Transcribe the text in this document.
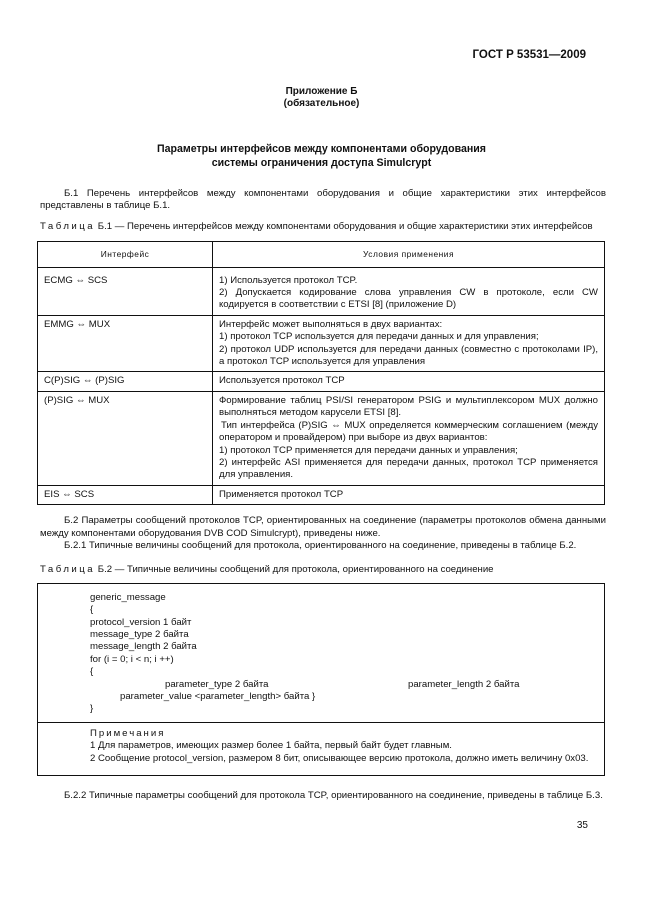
ГОСТ Р 53531—2009
Приложение Б
(обязательное)
Параметры интерфейсов между компонентами оборудования
системы ограничения доступа Simulcrypt
Б.1 Перечень интерфейсов между компонентами оборудования и общие характеристики этих интерфейсов представлены в таблице Б.1.
Таблица Б.1 — Перечень интерфейсов между компонентами оборудования и общие характеристики этих интерфейсов
Интерфейс	Условия применения
ECMG ⇔ SCS	1) Используется протокол TCP.
2) Допускается кодирование слова управления CW в протоколе, если CW кодируется в соответствии с ETSI [8] (приложение D)

EMMG ⇔ MUX	Интерфейс может выполняться в двух вариантах:
1) протокол TCP используется для передачи данных и для управления;
2) протокол UDP используется для передачи данных (совместно с протоколами IP), а протокол TCP используется для управления

C(P)SIG ⇔ (P)SIG	Используется протокол TCP

(P)SIG ⇔ MUX	Формирование таблиц PSI/SI генератором PSIG и мультиплексором MUX должно выполняться методом карусели ETSI [8].
Тип интерфейса (P)SIG ⇔ MUX определяется коммерческим соглашением (между оператором и провайдером) при выборе из двух вариантов:
1) протокол TCP применяется для передачи данных и управления;
2) интерфейс ASI применяется для передачи данных, протокол TCP применяется для управления.

EIS ⇔ SCS	Применяется протокол TCP
Б.2 Параметры сообщений протоколов TCP, ориентированных на соединение (параметры протоколов обмена данными между компонентами оборудования DVB COD Simulcrypt), приведены ниже.
Б.2.1 Типичные величины сообщений для протокола, ориентированного на соединение, приведены в таблице Б.2.
Таблица Б.2 — Типичные величины сообщений для протокола, ориентированного на соединение
generic_message
{
protocol_version 1 байт
message_type 2 байта
message_length 2 байта
for (i = 0; i < n; i ++)
{
parameter_type 2 байта	parameter_length 2 байта
parameter_value <parameter_length> байта }
}
Примечания
1 Для параметров, имеющих размер более 1 байта, первый байт будет главным.
2 Сообщение protocol_version, размером 8 бит, описывающее версию протокола, должно иметь величину 0x03.
Б.2.2 Типичные параметры сообщений для протокола TCP, ориентированного на соединение, приведены в таблице Б.3.
35
